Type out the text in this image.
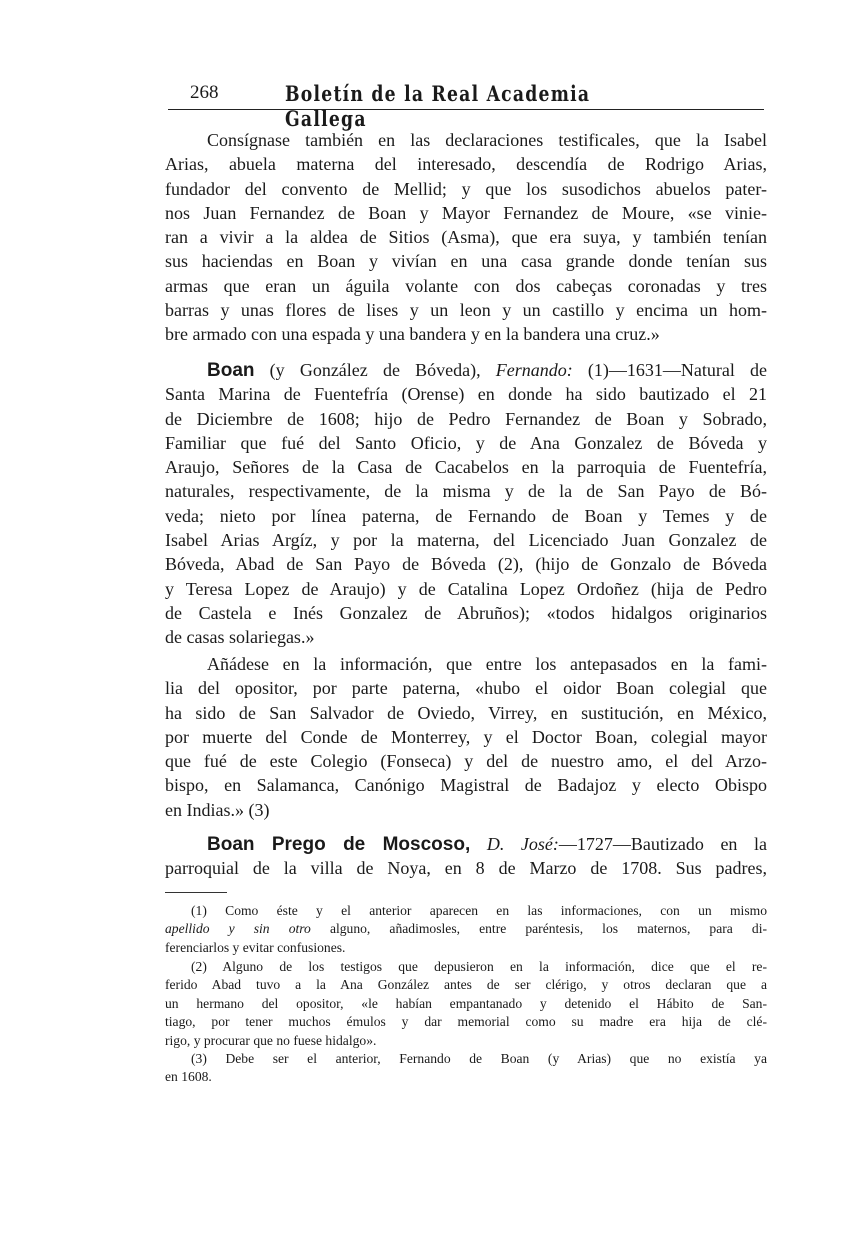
268	Boletín de la Real Academia Gallega
Consígnase también en las declaraciones testificales, que la Isabel
Arias, abuela materna del interesado, descendía de Rodrigo Arias,
fundador del convento de Mellid; y que los susodichos abuelos pater-
nos Juan Fernandez de Boan y Mayor Fernandez de Moure, «se vinie-
ran a vivir a la aldea de Sitios (Asma), que era suya, y también tenían
sus haciendas en Boan y vivían en una casa grande donde tenían sus
armas que eran un águila volante con dos cabeças coronadas y tres
barras y unas flores de lises y un leon y un castillo y encima un hom-
bre armado con una espada y una bandera y en la bandera una cruz.»
Boan (y González de Bóveda), Fernando: (1)—1631—Natural de
Santa Marina de Fuentefría (Orense) en donde ha sido bautizado el 21
de Diciembre de 1608; hijo de Pedro Fernandez de Boan y Sobrado,
Familiar que fué del Santo Oficio, y de Ana Gonzalez de Bóveda y
Araujo, Señores de la Casa de Cacabelos en la parroquia de Fuentefría,
naturales, respectivamente, de la misma y de la de San Payo de Bó-
veda; nieto por línea paterna, de Fernando de Boan y Temes y de
Isabel Arias Argíz, y por la materna, del Licenciado Juan Gonzalez de
Bóveda, Abad de San Payo de Bóveda (2), (hijo de Gonzalo de Bóveda
y Teresa Lopez de Araujo) y de Catalina Lopez Ordoñez (hija de Pedro
de Castela e Inés Gonzalez de Abruños); «todos hidalgos originarios
de casas solariegas.»
Añádese en la información, que entre los antepasados en la fami-
lia del opositor, por parte paterna, «hubo el oidor Boan colegial que
ha sido de San Salvador de Oviedo, Virrey, en sustitución, en México,
por muerte del Conde de Monterrey, y el Doctor Boan, colegial mayor
que fué de este Colegio (Fonseca) y del de nuestro amo, el del Arzo-
bispo, en Salamanca, Canónigo Magistral de Badajoz y electo Obispo
en Indias.» (3)
Boan Prego de Moscoso, D. José:—1727—Bautizado en la
parroquial de la villa de Noya, en 8 de Marzo de 1708. Sus padres,
(1) Como éste y el anterior aparecen en las informaciones, con un mismo
apellido y sin otro alguno, añadimosles, entre paréntesis, los maternos, para di-
ferenciarlos y evitar confusiones.
(2) Alguno de los testigos que depusieron en la información, dice que el re-
ferido Abad tuvo a la Ana González antes de ser clérigo, y otros declaran que a
un hermano del opositor, «le habían empantanado y detenido el Hábito de San-
tiago, por tener muchos émulos y dar memorial como su madre era hija de clé-
rigo, y procurar que no fuese hidalgo».
(3) Debe ser el anterior, Fernando de Boan (y Arias) que no existía ya
en 1608.
